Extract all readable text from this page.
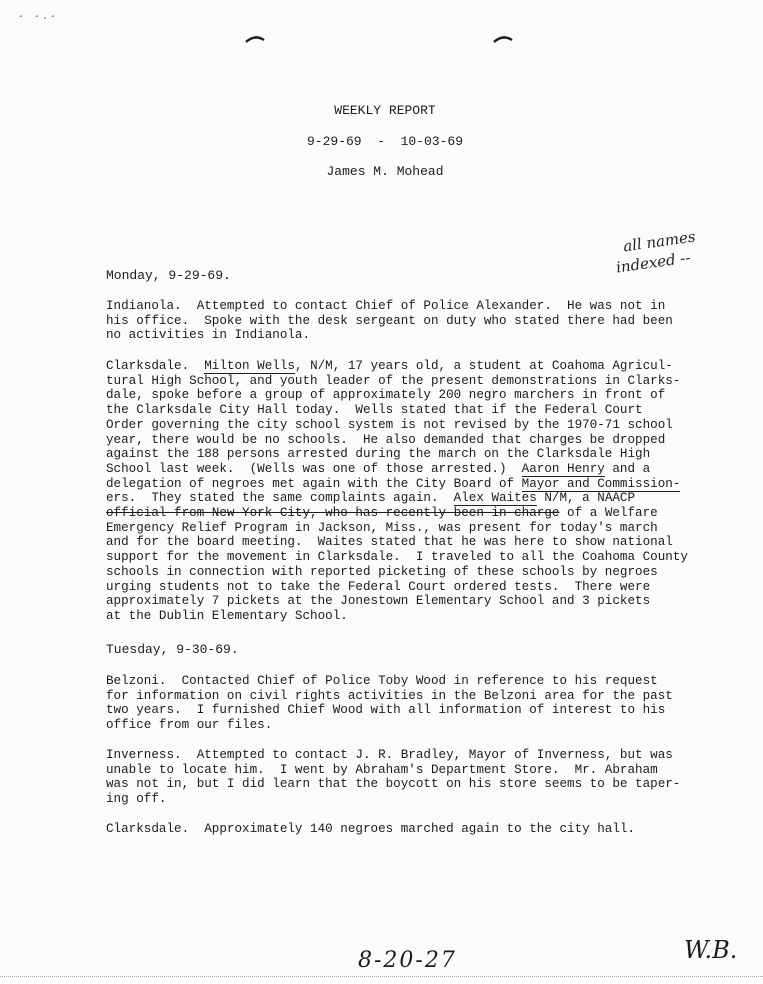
- -.-
WEEKLY REPORT
9-29-69  -  10-03-69
James M. Mohead
all names
indexed --
Monday, 9-29-69.
Indianola.  Attempted to contact Chief of Police Alexander.  He was not in
his office.  Spoke with the desk sergeant on duty who stated there had been
no activities in Indianola.
Clarksdale.  Milton Wells, N/M, 17 years old, a student at Coahoma Agricul-
tural High School, and youth leader of the present demonstrations in Clarks-
dale, spoke before a group of approximately 200 negro marchers in front of
the Clarksdale City Hall today.  Wells stated that if the Federal Court
Order governing the city school system is not revised by the 1970-71 school
year, there would be no schools.  He also demanded that charges be dropped
against the 188 persons arrested during the march on the Clarksdale High
School last week.  (Wells was one of those arrested.)  Aaron Henry and a
delegation of negroes met again with the City Board of Mayor and Commission-
ers.  They stated the same complaints again.  Alex Waites N/M, a NAACP
official from New York City, who has recently been in charge of a Welfare
Emergency Relief Program in Jackson, Miss., was present for today's march
and for the board meeting.  Waites stated that he was here to show national
support for the movement in Clarksdale.  I traveled to all the Coahoma County
schools in connection with reported picketing of these schools by negroes
urging students not to take the Federal Court ordered tests.  There were
approximately 7 pickets at the Jonestown Elementary School and 3 pickets
at the Dublin Elementary School.
Tuesday, 9-30-69.
Belzoni.  Contacted Chief of Police Toby Wood in reference to his request
for information on civil rights activities in the Belzoni area for the past
two years.  I furnished Chief Wood with all information of interest to his
office from our files.
Inverness.  Attempted to contact J. R. Bradley, Mayor of Inverness, but was
unable to locate him.  I went by Abraham's Department Store.  Mr. Abraham
was not in, but I did learn that the boycott on his store seems to be taper-
ing off.
Clarksdale.  Approximately 140 negroes marched again to the city hall.
8-20-27	W.B.
